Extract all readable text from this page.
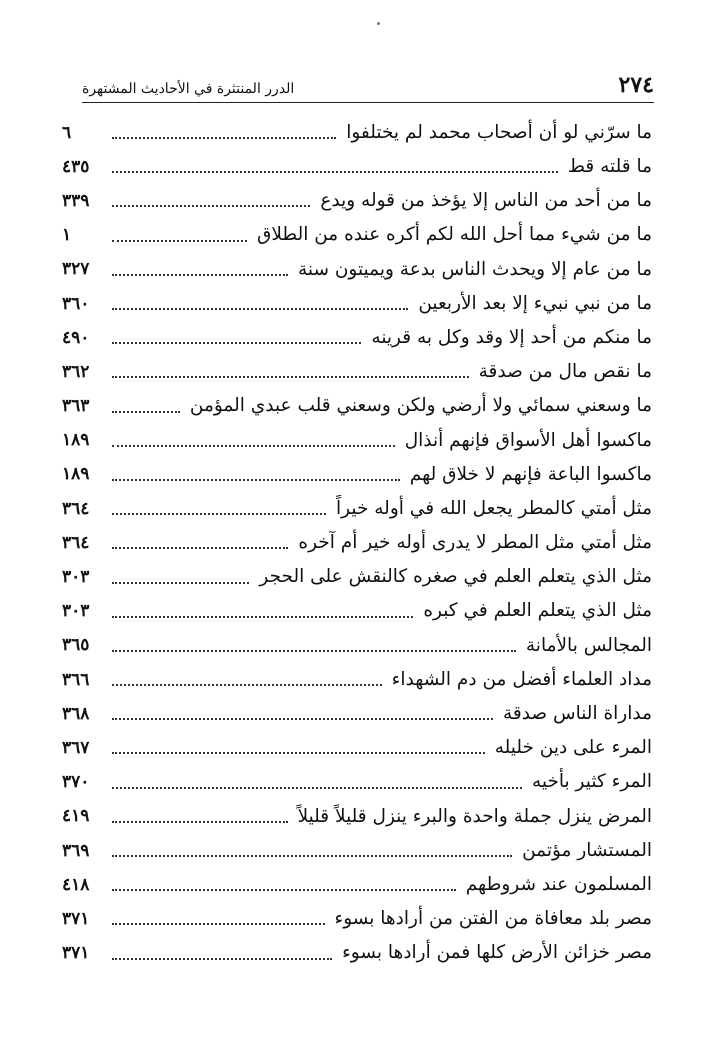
٢٧٤
الدرر المنتثرة في الأحاديث المشتهرة
ما سرّني لو أن أصحاب محمد لم يختلفوا
٦
ما قلته قط
٤٣٥
ما من أحد من الناس إلا يؤخذ من قوله ويدع
٣٣٩
ما من شيء مما أحل الله لكم أكره عنده من الطلاق
١
ما من عام إلا ويحدث الناس بدعة ويميتون سنة
٣٢٧
ما من نبي نبيء إلا بعد الأربعين
٣٦٠
ما منكم من أحد إلا وقد وكل به قرينه
٤٩٠
ما نقص مال من صدقة
٣٦٢
ما وسعني سمائي ولا أرضي ولكن وسعني قلب عبدي المؤمن
٣٦٣
ماكسوا أهل الأسواق فإنهم أنذال
١٨٩
ماكسوا الباعة فإنهم لا خلاق لهم
١٨٩
مثل أمتي كالمطر يجعل الله في أوله خيراً
٣٦٤
مثل أمتي مثل المطر لا يدرى أوله خير أم آخره
٣٦٤
مثل الذي يتعلم العلم في صغره كالنقش على الحجر
٣٠٣
مثل الذي يتعلم العلم في كبره
٣٠٣
المجالس بالأمانة
٣٦٥
مداد العلماء أفضل من دم الشهداء
٣٦٦
مداراة الناس صدقة
٣٦٨
المرء على دين خليله
٣٦٧
المرء كثير بأخيه
٣٧٠
المرض ينزل جملة واحدة والبرء ينزل قليلاً قليلاً
٤١٩
المستشار مؤتمن
٣٦٩
المسلمون عند شروطهم
٤١٨
مصر بلد معافاة من الفتن من أرادها بسوء
٣٧١
مصر خزائن الأرض كلها فمن أرادها بسوء
٣٧١
